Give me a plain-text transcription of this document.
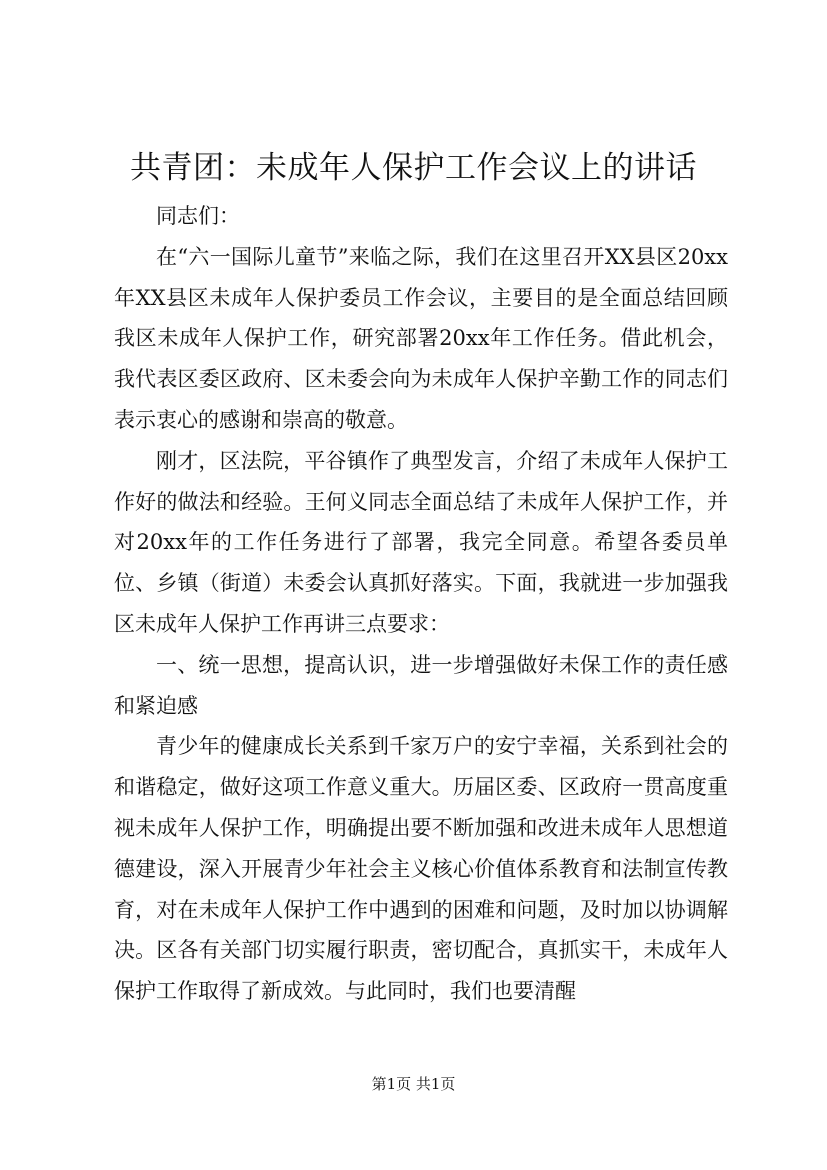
共青团：未成年人保护工作会议上的讲话

同志们：

在“六一国际儿童节”来临之际，我们在这里召开XX县区20xx年XX县区未成年人保护委员工作会议，主要目的是全面总结回顾我区未成年人保护工作，研究部署20xx年工作任务。借此机会，我代表区委区政府、区未委会向为未成年人保护辛勤工作的同志们表示衷心的感谢和崇高的敬意。

刚才，区法院，平谷镇作了典型发言，介绍了未成年人保护工作好的做法和经验。王何义同志全面总结了未成年人保护工作，并对20xx年的工作任务进行了部署，我完全同意。希望各委员单位、乡镇（街道）未委会认真抓好落实。下面，我就进一步加强我区未成年人保护工作再讲三点要求：

一、统一思想，提高认识，进一步增强做好未保工作的责任感和紧迫感

青少年的健康成长关系到千家万户的安宁幸福，关系到社会的和谐稳定，做好这项工作意义重大。历届区委、区政府一贯高度重视未成年人保护工作，明确提出要不断加强和改进未成年人思想道德建设，深入开展青少年社会主义核心价值体系教育和法制宣传教育，对在未成年人保护工作中遇到的困难和问题，及时加以协调解决。区各有关部门切实履行职责，密切配合，真抓实干，未成年人保护工作取得了新成效。与此同时，我们也要清醒

第1页 共1页
